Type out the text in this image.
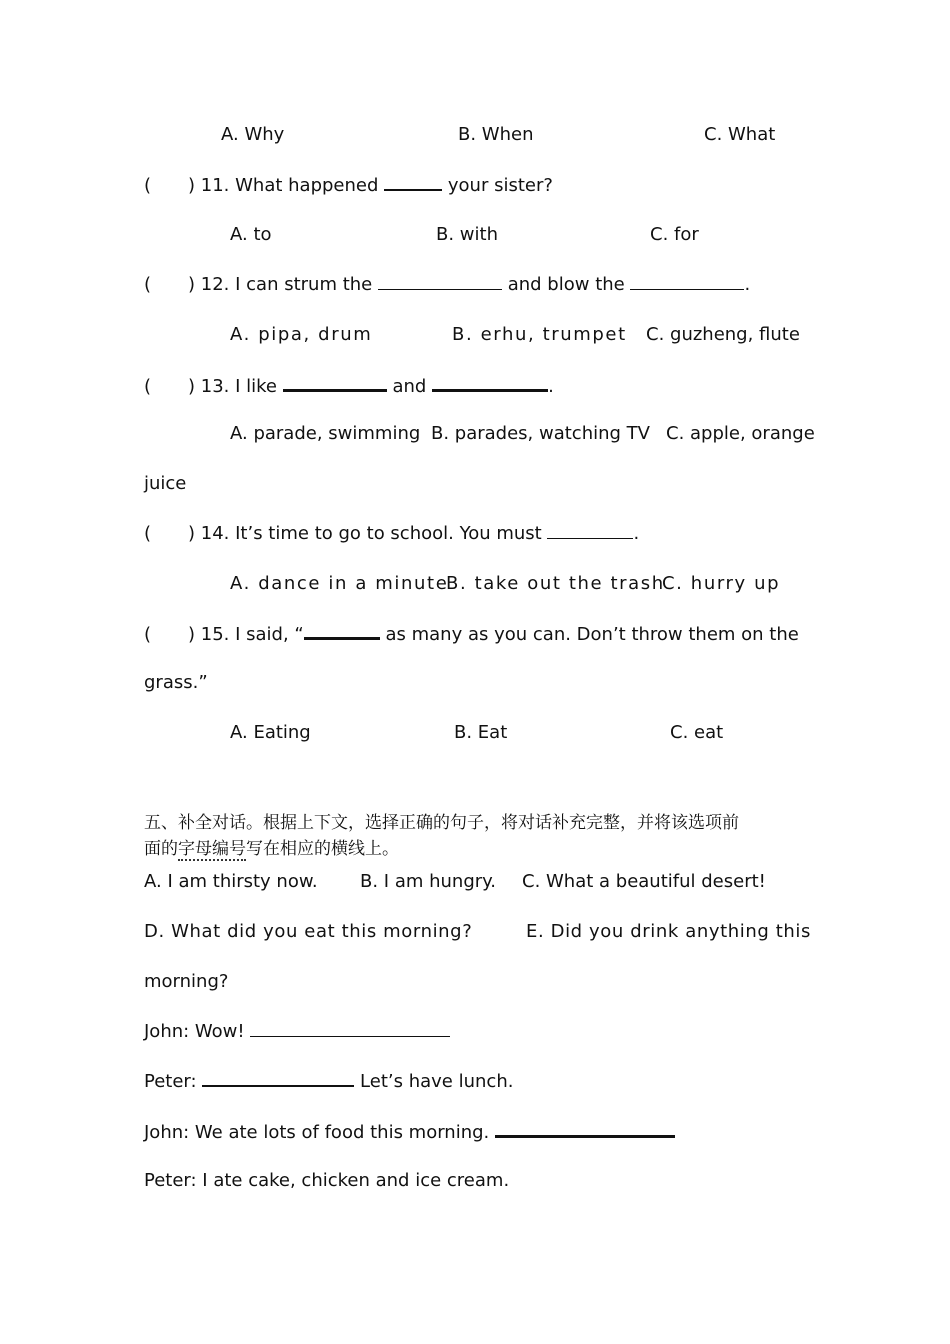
A. Why	B. When	C. What
( ) 11. What happened	your sister?
A. to	B. with	C. for
( ) 12. I can strum the	and blow the	.
A. pipa, drum	B. erhu, trumpet C. guzheng, flute
( ) 13. I like	and	.
A. parade, swimming B. parades, watching TV C. apple, orange
juice
( ) 14. It’s time to go to school. You must	.
A. dance in a minute
B. take out the trash
C. hurry up
( ) 15. I said, “	as many as you can. Don’t throw them on the
grass.”
A. Eating	B. Eat	C. eat
五、补全对话。根据上下文，选择正确的句子，将对话补充完整，并将该选项前
面的字母编号写在相应的横线上。
A. I am thirsty now. B. I am hungry. C. What a beautiful desert!
D. What did you eat this morning?	E. Did you drink anything this
morning?
John: Wow!
Peter:	Let’s have lunch.
John: We ate lots of food this morning.
Peter: I ate cake, chicken and ice cream.
